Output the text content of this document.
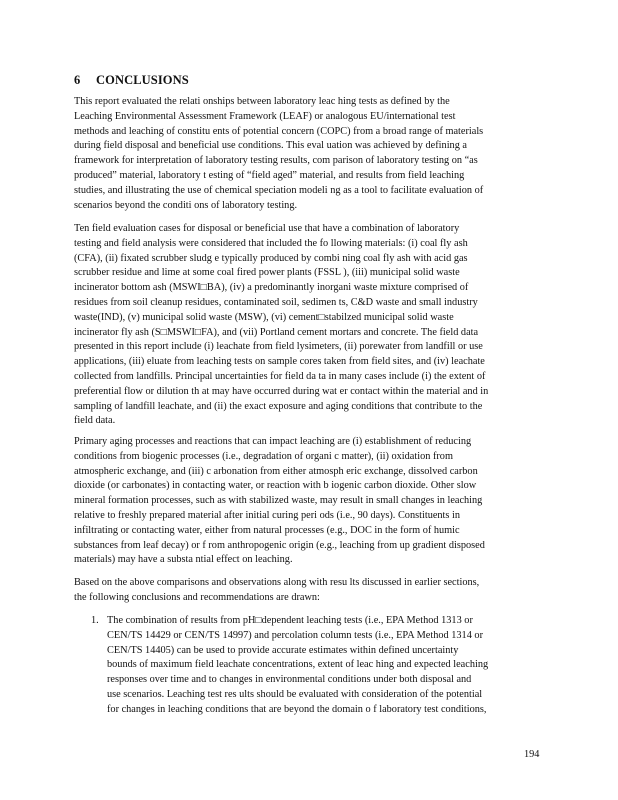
6 CONCLUSIONS
This report evaluated the relati onships between laboratory leac hing tests as defined by the
Leaching Environmental Assessment Framework (LEAF) or analogous EU/international test
methods and leaching of constitu ents of potential concern (COPC) from a broad range of materials
during field disposal and beneficial use conditions. This eval uation was achieved by defining a
framework for interpretation of laboratory testing results, com parison of laboratory testing on “as
produced” material, laboratory t esting of “field aged” material, and results from field leaching
studies, and illustrating the use of chemical speciation modeli ng as a tool to facilitate evaluation of
scenarios beyond the conditi ons of laboratory testing.
Ten field evaluation cases for disposal or beneficial use that have a combination of laboratory
testing and field analysis were considered that included the fo llowing materials: (i) coal fly ash
(CFA), (ii) fixated scrubber sludg e typically produced by combi ning coal fly ash with acid gas
scrubber residue and lime at some coal fired power plants (FSSL ), (iii) municipal solid waste
incinerator bottom ash (MSWI□BA), (iv) a predominantly inorgani waste mixture comprised of
residues from soil cleanup residues, contaminated soil, sedimen ts, C&D waste and small industry
waste(IND), (v) municipal solid waste (MSW), (vi) cement□stabilzed municipal solid waste
incinerator fly ash (S□MSWI□FA), and (vii) Portland cement mortars and concrete. The field data
presented in this report include (i) leachate from field lysimeters, (ii) porewater from landfill or use
applications, (iii) eluate from leaching tests on sample cores taken from field sites, and (iv) leachate
collected from landfills. Principal uncertainties for field da ta in many cases include (i) the extent of
preferential flow or dilution th at may have occurred during wat er contact within the material and in
sampling of landfill leachate, and (ii) the exact exposure and aging conditions that contribute to the
field data.
Primary aging processes and reactions that can impact leaching are (i) establishment of reducing
conditions from biogenic processes (i.e., degradation of organi c matter), (ii) oxidation from
atmospheric exchange, and (iii) c arbonation from either atmosph eric exchange, dissolved carbon
dioxide (or carbonates) in contacting water, or reaction with b iogenic carbon dioxide. Other slow
mineral formation processes, such as with stabilized waste, may result in small changes in leaching
relative to freshly prepared material after initial curing peri ods (i.e., 90 days). Constituents in
infiltrating or contacting water, either from natural processes (e.g., DOC in the form of humic
substances from leaf decay) or f rom anthropogenic origin (e.g., leaching from up gradient disposed
materials) may have a substa ntial effect on leaching.
Based on the above comparisons and observations along with resu lts discussed in earlier sections,
the following conclusions and recommendations are drawn:
1. The combination of results from pH□dependent leaching tests (i.e., EPA Method 1313 or
CEN/TS 14429 or CEN/TS 14997) and percolation column tests (i.e., EPA Method 1314 or
CEN/TS 14405) can be used to provide accurate estimates within defined uncertainty
bounds of maximum field leachate concentrations, extent of leac hing and expected leaching
responses over time and to changes in environmental conditions under both disposal and
use scenarios. Leaching test res ults should be evaluated with consideration of the potential
for changes in leaching conditions that are beyond the domain o f laboratory test conditions,
194
